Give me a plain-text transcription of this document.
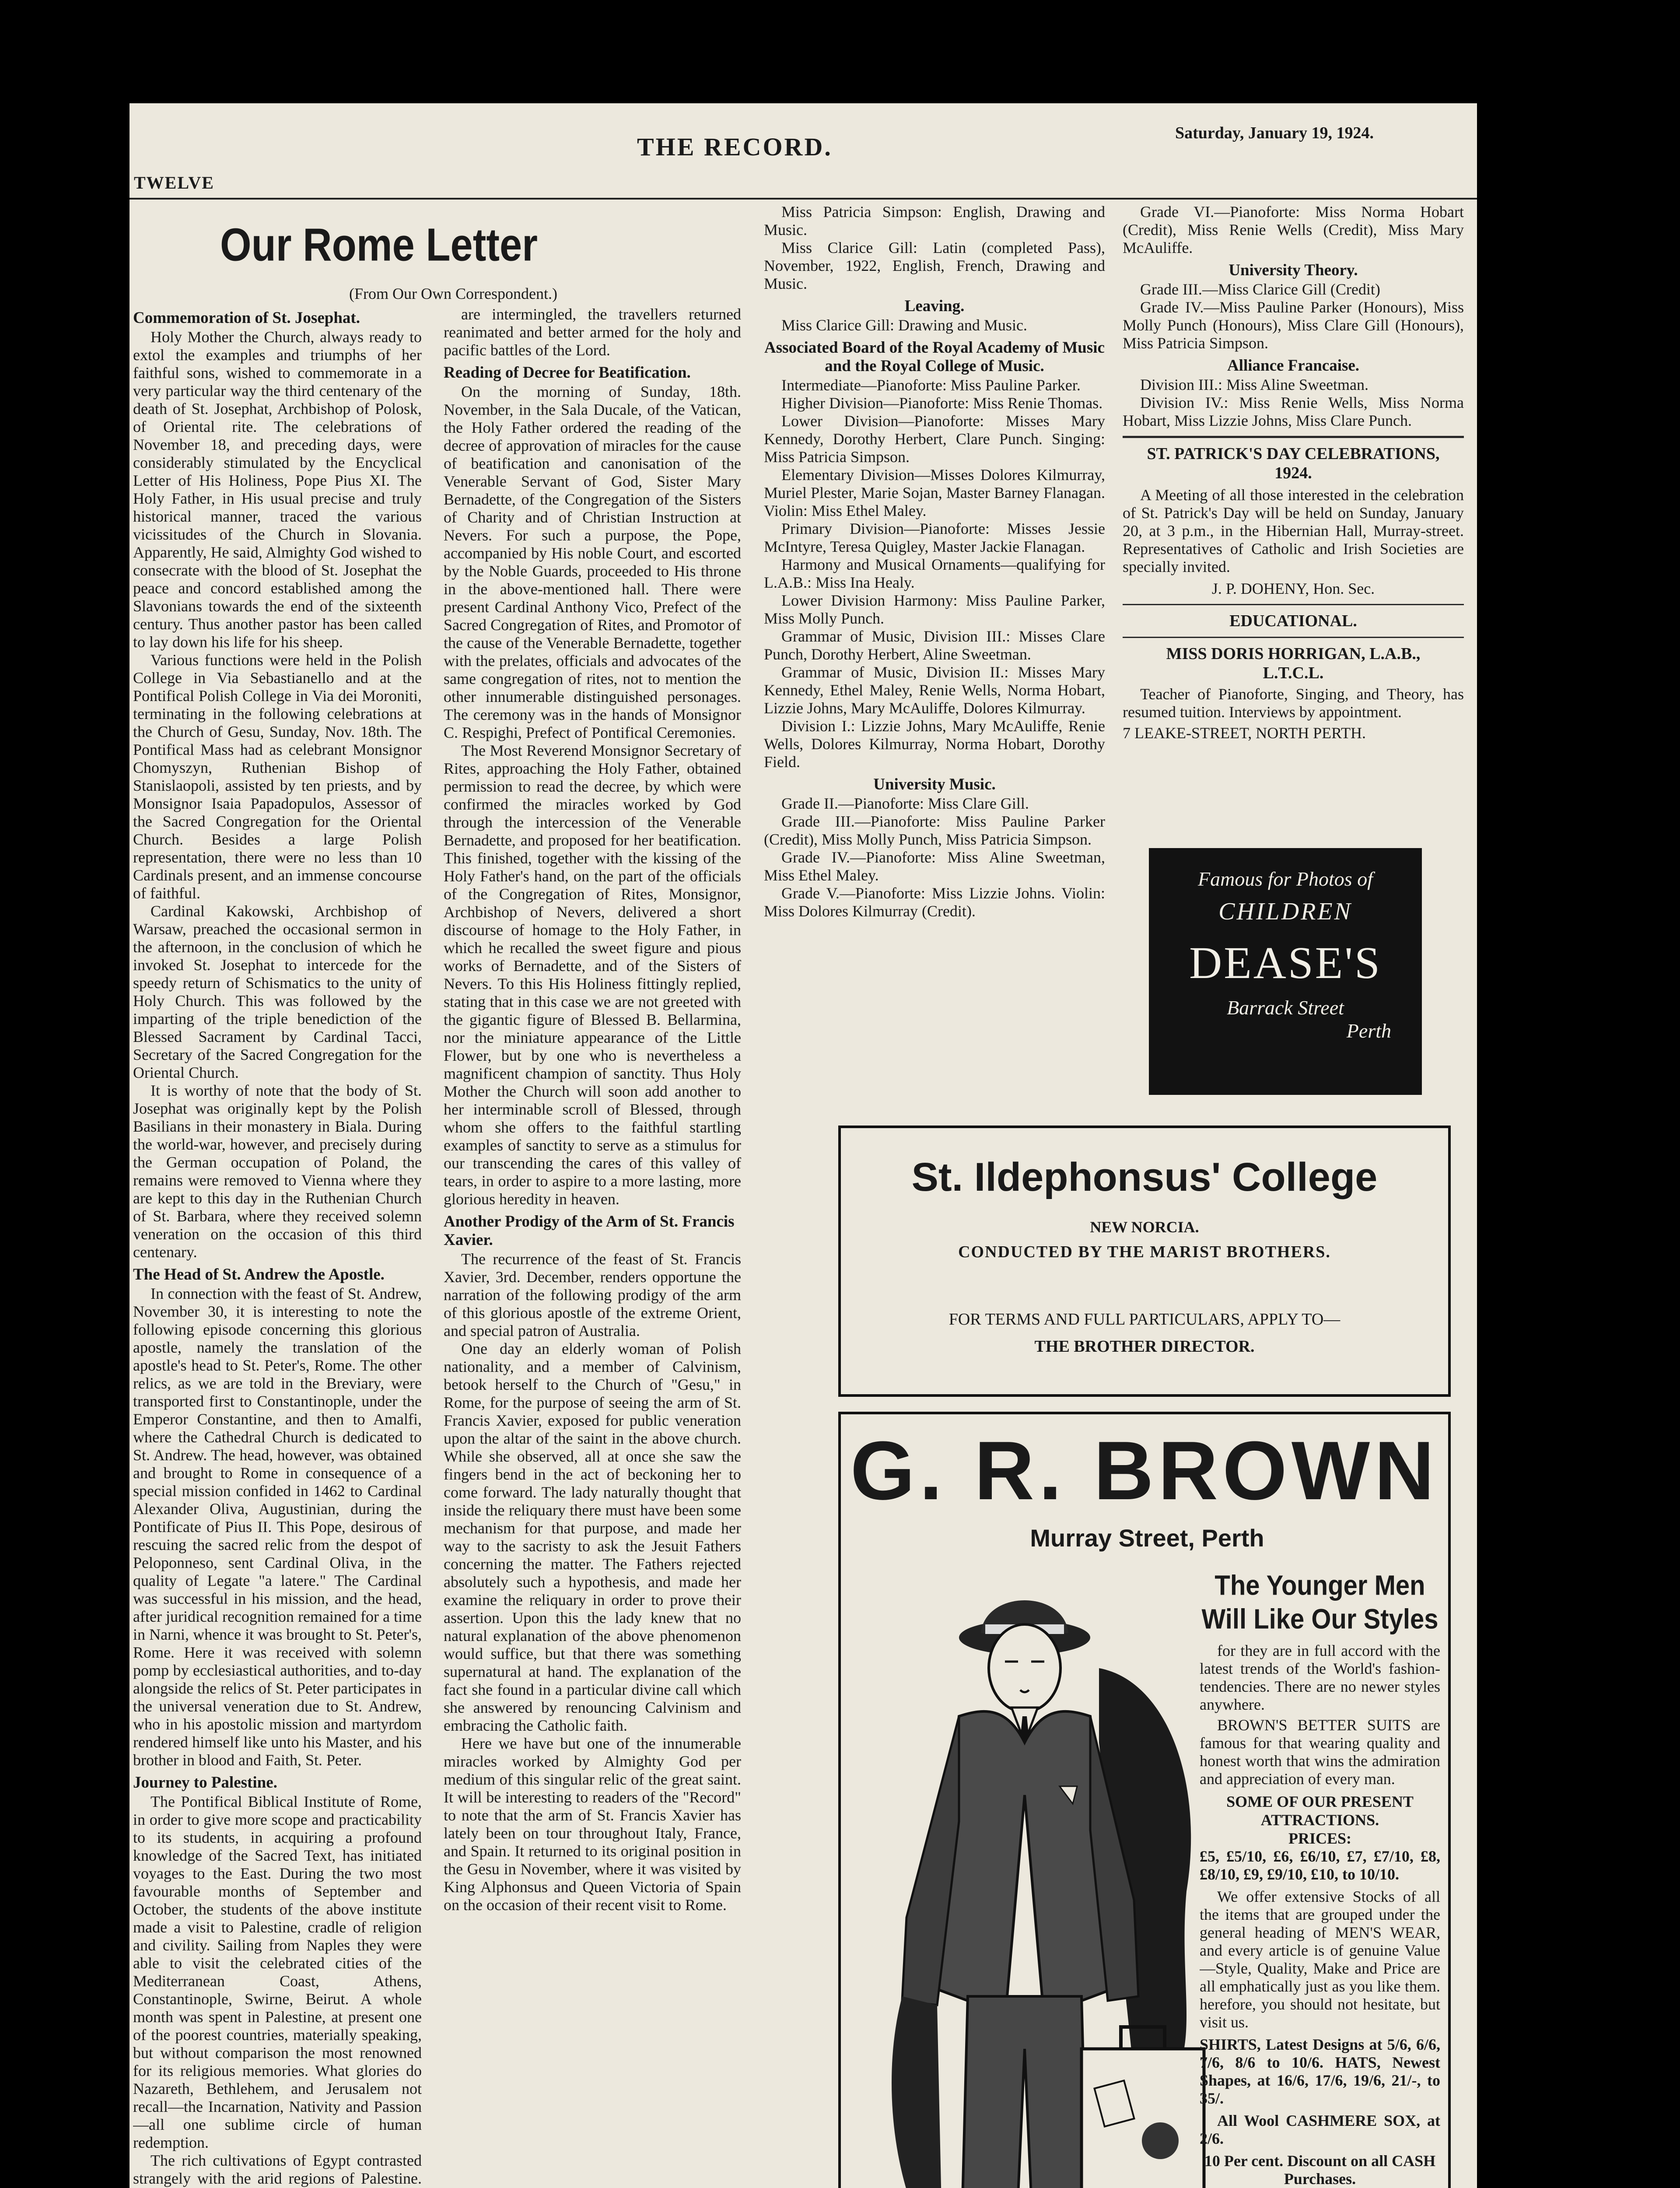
TWELVE
THE RECORD.	Saturday, January 19, 1924.
Our Rome Letter
(From Our Own Correspondent.)
Commemoration of St. Josephat.

Holy Mother the Church, always ready to extol the examples and triumphs of her faithful sons, wished to commemorate in a very particular way the third centenary of the death of St. Josephat, Archbishop of Polosk, of Oriental rite. The celebrations of November 18, and preceding days, were considerably stimulated by the Encyclical Letter of His Holiness, Pope Pius XI. The Holy Father, in His usual precise and truly historical manner, traced the various vicissitudes of the Church in Slovania. Apparently, He said, Almighty God wished to consecrate with the blood of St. Josephat the peace and concord established among the Slavonians towards the end of the sixteenth century. Thus another pastor has been called to lay down his life for his sheep.

Various functions were held in the Polish College in Via Sebastianello and at the Pontifical Polish College in Via dei Moroniti, terminating in the following celebrations at the Church of Gesu, Sunday, Nov. 18th. The Pontifical Mass had as celebrant Monsignor Chomyszyn, Ruthenian Bishop of Stanislaopoli, assisted by ten priests, and by Monsignor Isaia Papadopulos, Assessor of the Sacred Congregation for the Oriental Church. Besides a large Polish representation, there were no less than 10 Cardinals present, and an immense concourse of faithful.

Cardinal Kakowski, Archbishop of Warsaw, preached the occasional sermon in the afternoon, in the conclusion of which he invoked St. Josephat to intercede for the speedy return of Schismatics to the unity of Holy Church. This was followed by the imparting of the triple benediction of the Blessed Sacrament by Cardinal Tacci, Secretary of the Sacred Congregation for the Oriental Church.

It is worthy of note that the body of St. Josephat was originally kept by the Polish Basilians in their monastery in Biala. During the world-war, however, and precisely during the German occupation of Poland, the remains were removed to Vienna where they are kept to this day in the Ruthenian Church of St. Barbara, where they received solemn veneration on the occasion of this third centenary.

The Head of St. Andrew the Apostle.

In connection with the feast of St. Andrew, November 30, it is interesting to note the following episode concerning this glorious apostle, namely the translation of the apostle's head to St. Peter's, Rome. The other relics, as we are told in the Breviary, were transported first to Constantinople, under the Emperor Constantine, and then to Amalfi, where the Cathedral Church is dedicated to St. Andrew. The head, however, was obtained and brought to Rome in consequence of a special mission confided in 1462 to Cardinal Alexander Oliva, Augustinian, during the Pontificate of Pius II. This Pope, desirous of rescuing the sacred relic from the despot of Peloponneso, sent Cardinal Oliva, in the quality of Legate "a latere." The Cardinal was successful in his mission, and the head, after juridical recognition remained for a time in Narni, whence it was brought to St. Peter's, Rome. Here it was received with solemn pomp by ecclesiastical authorities, and to-day alongside the relics of St. Peter participates in the universal veneration due to St. Andrew, who in his apostolic mission and martyrdom rendered himself like unto his Master, and his brother in blood and Faith, St. Peter.

Journey to Palestine.

The Pontifical Biblical Institute of Rome, in order to give more scope and practicability to its students, in acquiring a profound knowledge of the Sacred Text, has initiated voyages to the East. During the two most favourable months of September and October, the students of the above institute made a visit to Palestine, cradle of religion and civility. Sailing from Naples they were able to visit the celebrated cities of the Mediterranean Coast, Athens, Constantinople, Swirne, Beirut. A whole month was spent in Palestine, at present one of the poorest countries, materially speaking, but without comparison the most renowned for its religious memories. What glories do Nazareth, Bethlehem, and Jerusalem not recall—the Incarnation, Nativity and Passion—all one sublime circle of human redemption.

The rich cultivations of Egypt contrasted strangely with the arid regions of Palestine.

are intermingled, the travellers returned reanimated and better armed for the holy and pacific battles of the Lord.

Reading of Decree for Beatification.

On the morning of Sunday, 18th. November, in the Sala Ducale, of the Vatican, the Holy Father ordered the reading of the decree of approvation of miracles for the cause of beatification and canonisation of the Venerable Servant of God, Sister Mary Bernadette, of the Congregation of the Sisters of Charity and of Christian Instruction at Nevers. For such a purpose, the Pope, accompanied by His noble Court, and escorted by the Noble Guards, proceeded to His throne in the above-mentioned hall. There were present Cardinal Anthony Vico, Prefect of the Sacred Congregation of Rites, and Promotor of the cause of the Venerable Bernadette, together with the prelates, officials and advocates of the same congregation of rites, not to mention the other innumerable distinguished personages. The ceremony was in the hands of Monsignor C. Respighi, Prefect of Pontifical Ceremonies.

The Most Reverend Monsignor Secretary of Rites, approaching the Holy Father, obtained permission to read the decree, by which were confirmed the miracles worked by God through the intercession of the Venerable Bernadette, and proposed for her beatification. This finished, together with the kissing of the Holy Father's hand, on the part of the officials of the Congregation of Rites, Monsignor, Archbishop of Nevers, delivered a short discourse of homage to the Holy Father, in which he recalled the sweet figure and pious works of Bernadette, and of the Sisters of Nevers. To this His Holiness fittingly replied, stating that in this case we are not greeted with the gigantic figure of Blessed B. Bellarmina, nor the miniature appearance of the Little Flower, but by one who is nevertheless a magnificent champion of sanctity. Thus Holy Mother the Church will soon add another to her interminable scroll of Blessed, through whom she offers to the faithful startling examples of sanctity to serve as a stimulus for our transcending the cares of this valley of tears, in order to aspire to a more lasting, more glorious heredity in heaven.

Another Prodigy of the Arm of St. Francis Xavier.

The recurrence of the feast of St. Francis Xavier, 3rd. December, renders opportune the narration of the following prodigy of the arm of this glorious apostle of the extreme Orient, and special patron of Australia.

One day an elderly woman of Polish nationality, and a member of Calvinism, betook herself to the Church of "Gesu," in Rome, for the purpose of seeing the arm of St. Francis Xavier, exposed for public veneration upon the altar of the saint in the above church. While she observed, all at once she saw the fingers bend in the act of beckoning her to come forward. The lady naturally thought that inside the reliquary there must have been some mechanism for that purpose, and made her way to the sacristy to ask the Jesuit Fathers concerning the matter. The Fathers rejected absolutely such a hypothesis, and made her examine the reliquary in order to prove their assertion. Upon this the lady knew that no natural explanation of the above phenomenon would suffice, but that there was something supernatural at hand. The explanation of the fact she found in a particular divine call which she answered by renouncing Calvinism and embracing the Catholic faith.

Here we have but one of the innumerable miracles worked by Almighty God per medium of this singular relic of the great saint. It will be interesting to readers of the "Record" to note that the arm of St. Francis Xavier has lately been on tour throughout Italy, France, and Spain. It returned to its original position in the Gesu in November, where it was visited by King Alphonsus and Queen Victoria of Spain on the occasion of their recent visit to Rome.

Miss Patricia Simpson: English, Drawing and Music.

Miss Clarice Gill: Latin (completed Pass), November, 1922, English, French, Drawing and Music.

Leaving.

Miss Clarice Gill: Drawing and Music.

Associated Board of the Royal Academy of Music and the Royal College of Music.

Intermediate—Pianoforte: Miss Pauline Parker.

Higher Division—Pianoforte: Miss Renie Thomas.

Lower Division—Pianoforte: Misses Mary Kennedy, Dorothy Herbert, Clare Punch. Singing: Miss Patricia Simpson.

Elementary Division—Misses Dolores Kilmurray, Muriel Plester, Marie Sojan, Master Barney Flanagan. Violin: Miss Ethel Maley.

Primary Division—Pianoforte: Misses Jessie McIntyre, Teresa Quigley, Master Jackie Flanagan.

Harmony and Musical Ornaments—qualifying for L.A.B.: Miss Ina Healy.

Lower Division Harmony: Miss Pauline Parker, Miss Molly Punch.

Grammar of Music, Division III.: Misses Clare Punch, Dorothy Herbert, Aline Sweetman.

Grammar of Music, Division II.: Misses Mary Kennedy, Ethel Maley, Renie Wells, Norma Hobart, Lizzie Johns, Mary McAuliffe, Dolores Kilmurray.

Division I.: Lizzie Johns, Mary McAuliffe, Renie Wells, Dolores Kilmurray, Norma Hobart, Dorothy Field.

University Music.

Grade II.—Pianoforte: Miss Clare Gill.

Grade III.—Pianoforte: Miss Pauline Parker (Credit), Miss Molly Punch, Miss Patricia Simpson.

Grade IV.—Pianoforte: Miss Aline Sweetman, Miss Ethel Maley.

Grade V.—Pianoforte: Miss Lizzie Johns. Violin: Miss Dolores Kilmurray (Credit).

Grade VI.—Pianoforte: Miss Norma Hobart (Credit), Miss Renie Wells (Credit), Miss Mary McAuliffe.

University Theory.

Grade III.—Miss Clarice Gill (Credit)

Grade IV.—Miss Pauline Parker (Honours), Miss Molly Punch (Honours), Miss Clare Gill (Honours), Miss Patricia Simpson.

Alliance Francaise.

Division III.: Miss Aline Sweetman.

Division IV.: Miss Renie Wells, Miss Norma Hobart, Miss Lizzie Johns, Miss Clare Punch.

ST. PATRICK'S DAY CELEBRATIONS, 1924.

A Meeting of all those interested in the celebration of St. Patrick's Day will be held on Sunday, January 20, at 3 p.m., in the Hibernian Hall, Murray-street. Representatives of Catholic and Irish Societies are specially invited.

J. P. DOHENY, Hon. Sec.
EDUCATIONAL.
MISS DORIS HORRIGAN, L.A.B., L.T.C.L.

Teacher of Pianoforte, Singing, and Theory, has resumed tuition. Interviews by appointment.

7 LEAKE-STREET, NORTH PERTH.
Famous for Photos of
CHILDREN
DEASE'S
Barrack Street
Perth
St. Ildephonsus' College
NEW NORCIA.
CONDUCTED BY THE MARIST BROTHERS.
FOR TERMS AND FULL PARTICULARS, APPLY TO—
THE BROTHER DIRECTOR.
G. R. BROWN
Murray Street, Perth
The Younger Men Will Like Our Styles

for they are in full accord with the latest trends of the World's fashion-tendencies. There are no newer styles anywhere.

BROWN'S BETTER SUITS are famous for that wearing quality and honest worth that wins the admiration and appreciation of every man.

SOME OF OUR PRESENT ATTRACTIONS.
PRICES:

£5, £5/10, £6, £6/10, £7, £7/10, £8, £8/10, £9, £9/10, £10, to 10/10.

We offer extensive Stocks of all the items that are grouped under the general heading of MEN'S WEAR, and every article is of genuine Value—Style, Quality, Make and Price are all emphatically just as you like them. herefore, you should not hesitate, but visit us.

SHIRTS, Latest Designs at 5/6, 6/6, 7/6, 8/6 to 10/6. HATS, Newest Shapes, at 16/6, 17/6, 19/6, 21/-, to 35/.

All Wool CASHMERE SOX, at 2/6.

10 Per cent. Discount on all CASH Purchases.
